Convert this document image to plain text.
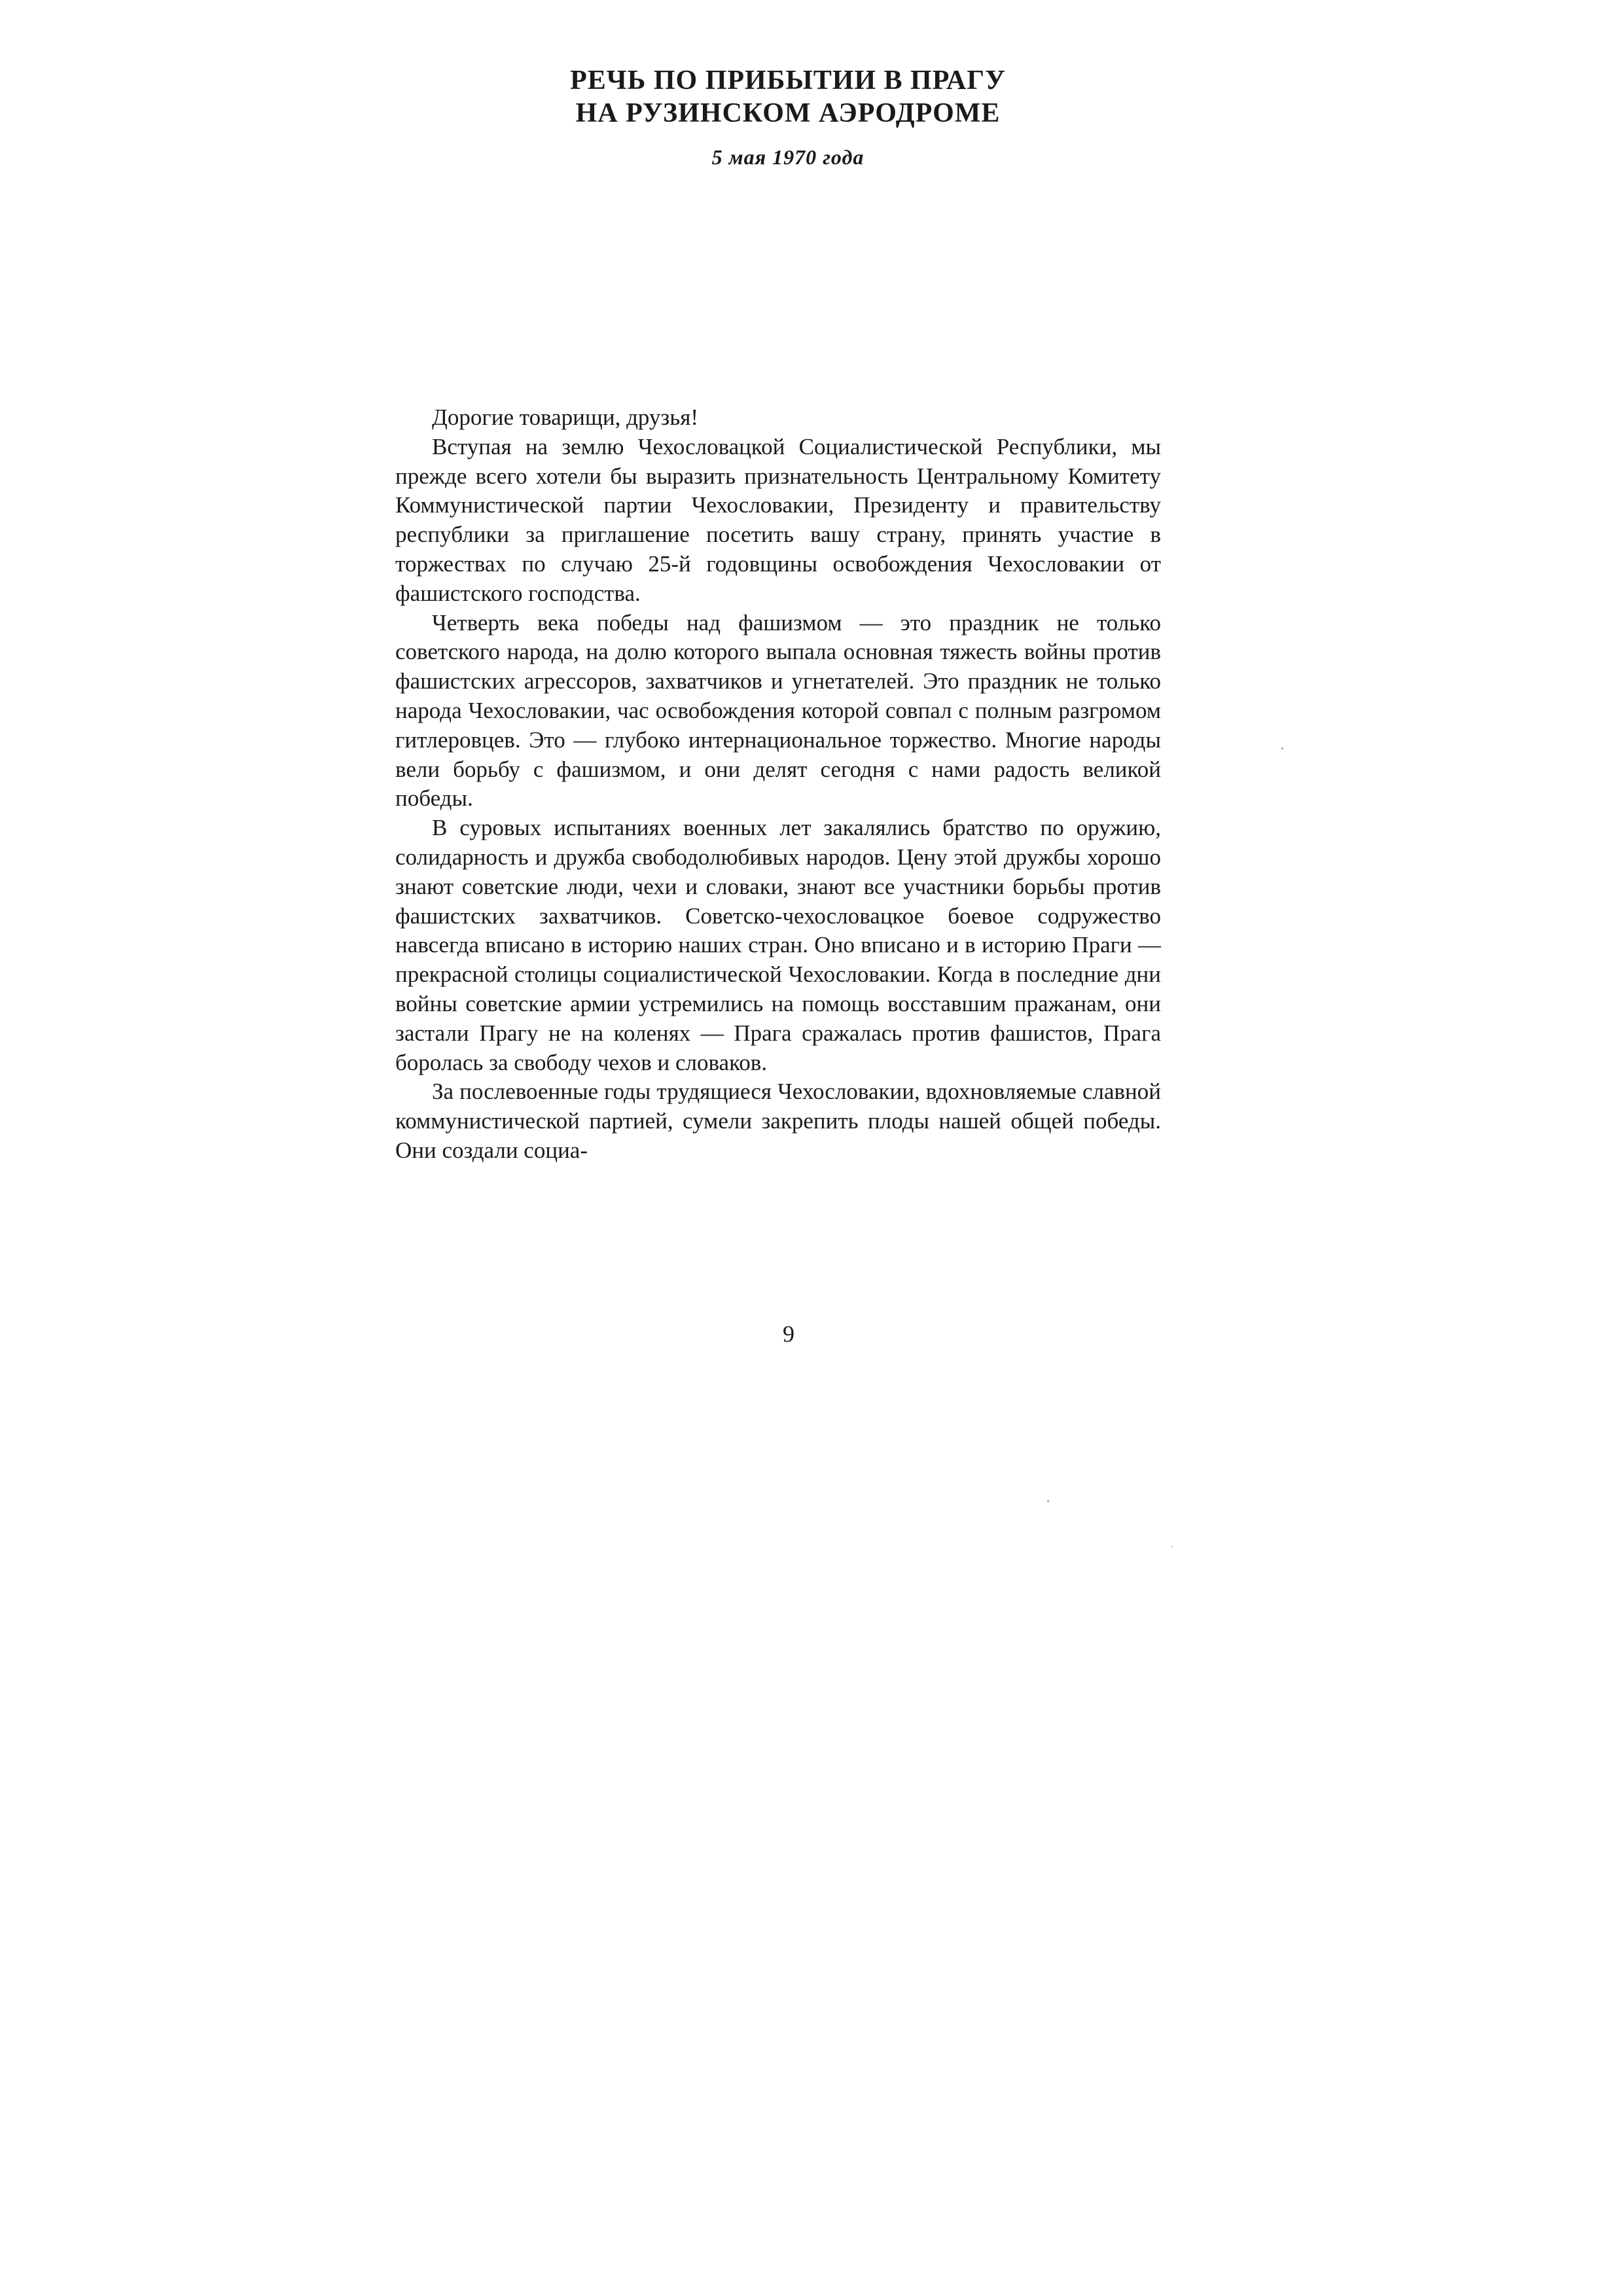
РЕЧЬ ПО ПРИБЫТИИ В ПРАГУ
НА РУЗИНСКОМ АЭРОДРОМЕ
5 мая 1970 года

Дорогие товарищи, друзья!

Вступая на землю Чехословацкой Социалистической Республики, мы прежде всего хотели бы выразить признательность Центральному Комитету Коммунистической партии Чехословакии, Президенту и правительству республики за приглашение посетить вашу страну, принять участие в торжествах по случаю 25-й годовщины освобождения Чехословакии от фашистского господства.

Четверть века победы над фашизмом — это праздник не только советского народа, на долю которого выпала основная тяжесть войны против фашистских агрессоров, захватчиков и угнетателей. Это праздник не только народа Чехословакии, час освобождения которой совпал с полным разгромом гитлеровцев. Это — глубоко интернациональное торжество. Многие народы вели борьбу с фашизмом, и они делят сегодня с нами радость великой победы.

В суровых испытаниях военных лет закалялись братство по оружию, солидарность и дружба свободолюбивых народов. Цену этой дружбы хорошо знают советские люди, чехи и словаки, знают все участники борьбы против фашистских захватчиков. Советско-чехословацкое боевое содружество навсегда вписано в историю наших стран. Оно вписано и в историю Праги — прекрасной столицы социалистической Чехословакии. Когда в последние дни войны советские армии устремились на помощь восставшим пражанам, они застали Прагу не на коленях — Прага сражалась против фашистов, Прага боролась за свободу чехов и словаков.

За послевоенные годы трудящиеся Чехословакии, вдохновляемые славной коммунистической партией, сумели закрепить плоды нашей общей победы. Они создали социа-

9
